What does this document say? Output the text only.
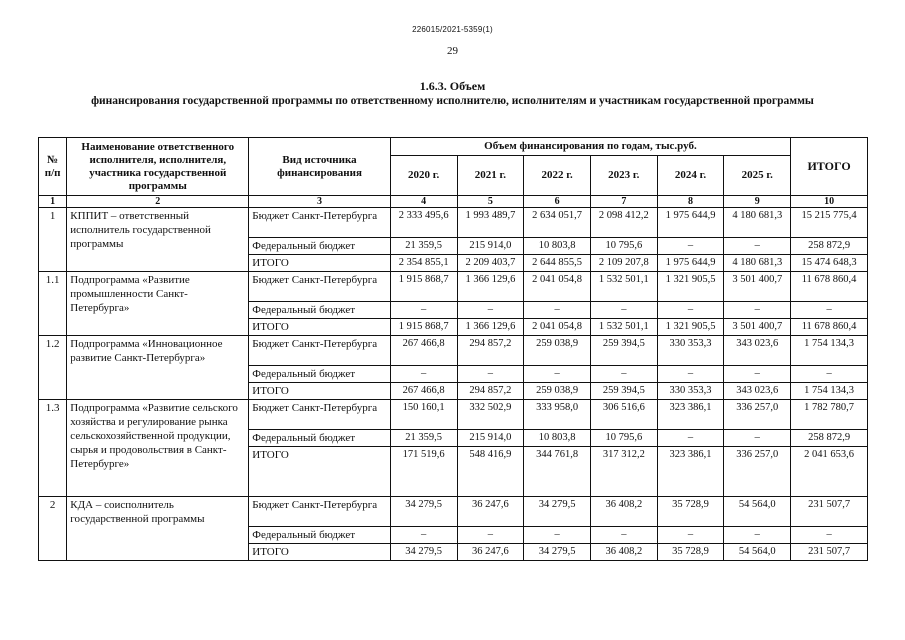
226015/2021-5359(1)
29
1.6.3. Объем
финансирования государственной программы по ответственному исполнителю, исполнителям и участникам государственной программы
№ п/п	Наименование ответственного исполнителя, исполнителя, участника государственной программы	Вид источника финансирования	Объем финансирования по годам, тыс.руб.						ИТОГО
			2020 г.	2021 г.	2022 г.	2023 г.	2024 г.	2025 г.	
1	2	3	4	5	6	7	8	9	10
1	КППИТ – ответственный исполнитель государственной программы	Бюджет Санкт-Петербурга	2 333 495,6	1 993 489,7	2 634 051,7	2 098 412,2	1 975 644,9	4 180 681,3	15 215 775,4
		Федеральный бюджет	21 359,5	215 914,0	10 803,8	10 795,6	–	–	258 872,9
		ИТОГО	2 354 855,1	2 209 403,7	2 644 855,5	2 109 207,8	1 975 644,9	4 180 681,3	15 474 648,3
1.1	Подпрограмма «Развитие промышленности Санкт-Петербурга»	Бюджет Санкт-Петербурга	1 915 868,7	1 366 129,6	2 041 054,8	1 532 501,1	1 321 905,5	3 501 400,7	11 678 860,4
		Федеральный бюджет	–	–	–	–	–	–	–
		ИТОГО	1 915 868,7	1 366 129,6	2 041 054,8	1 532 501,1	1 321 905,5	3 501 400,7	11 678 860,4
1.2	Подпрограмма «Инновационное развитие Санкт-Петербурга»	Бюджет Санкт-Петербурга	267 466,8	294 857,2	259 038,9	259 394,5	330 353,3	343 023,6	1 754 134,3
		Федеральный бюджет	–	–	–	–	–	–	–
		ИТОГО	267 466,8	294 857,2	259 038,9	259 394,5	330 353,3	343 023,6	1 754 134,3
1.3	Подпрограмма «Развитие сельского хозяйства и регулирование рынка сельскохозяйственной продукции, сырья и продовольствия в Санкт-Петербурге»	Бюджет Санкт-Петербурга	150 160,1	332 502,9	333 958,0	306 516,6	323 386,1	336 257,0	1 782 780,7
		Федеральный бюджет	21 359,5	215 914,0	10 803,8	10 795,6	–	–	258 872,9
		ИТОГО	171 519,6	548 416,9	344 761,8	317 312,2	323 386,1	336 257,0	2 041 653,6
2	КДА – соисполнитель государственной программы	Бюджет Санкт-Петербурга	34 279,5	36 247,6	34 279,5	36 408,2	35 728,9	54 564,0	231 507,7
		Федеральный бюджет	–	–	–	–	–	–	–
		ИТОГО	34 279,5	36 247,6	34 279,5	36 408,2	35 728,9	54 564,0	231 507,7
